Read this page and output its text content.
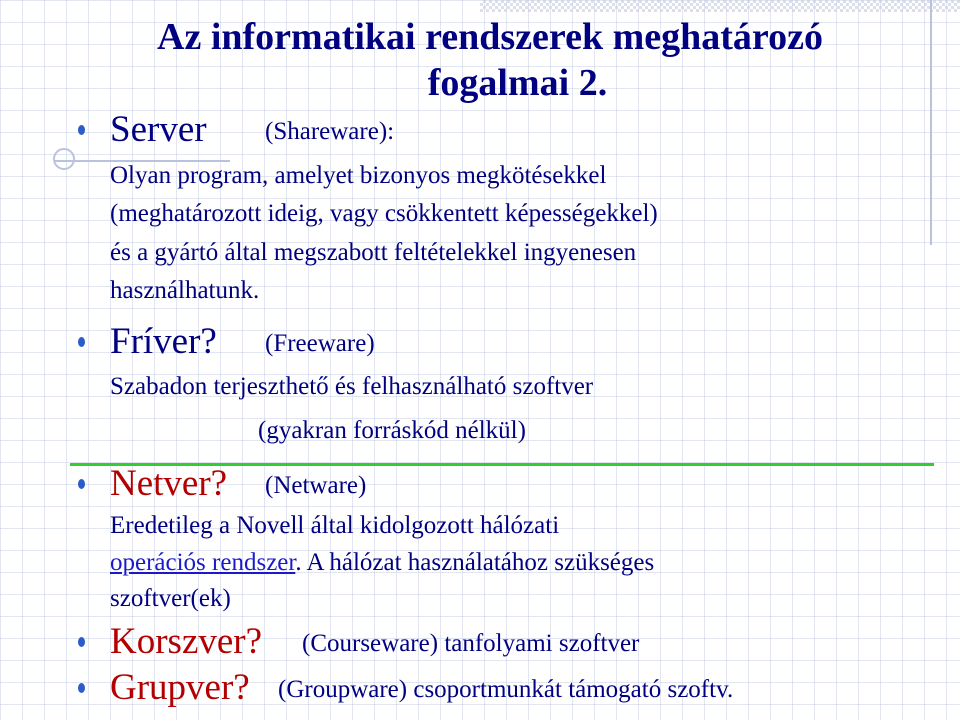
Az informatikai rendszerek meghatározó
fogalmai 2.
Server (Shareware):
Olyan program, amelyet bizonyos megkötésekkel
(meghatározott ideig, vagy csökkentett képességekkel)
és a gyártó által megszabott feltételekkel ingyenesen
használhatunk.
Fríver? (Freeware)
Szabadon terjeszthető és felhasználható szoftver
(gyakran forráskód nélkül)
Netver? (Netware)
Eredetileg a Novell által kidolgozott hálózati
operációs rendszer. A hálózat használatához szükséges
szoftver(ek)
Korszver? (Courseware) tanfolyami szoftver
Grupver? (Groupware) csoportmunkát támogató szoftv.
